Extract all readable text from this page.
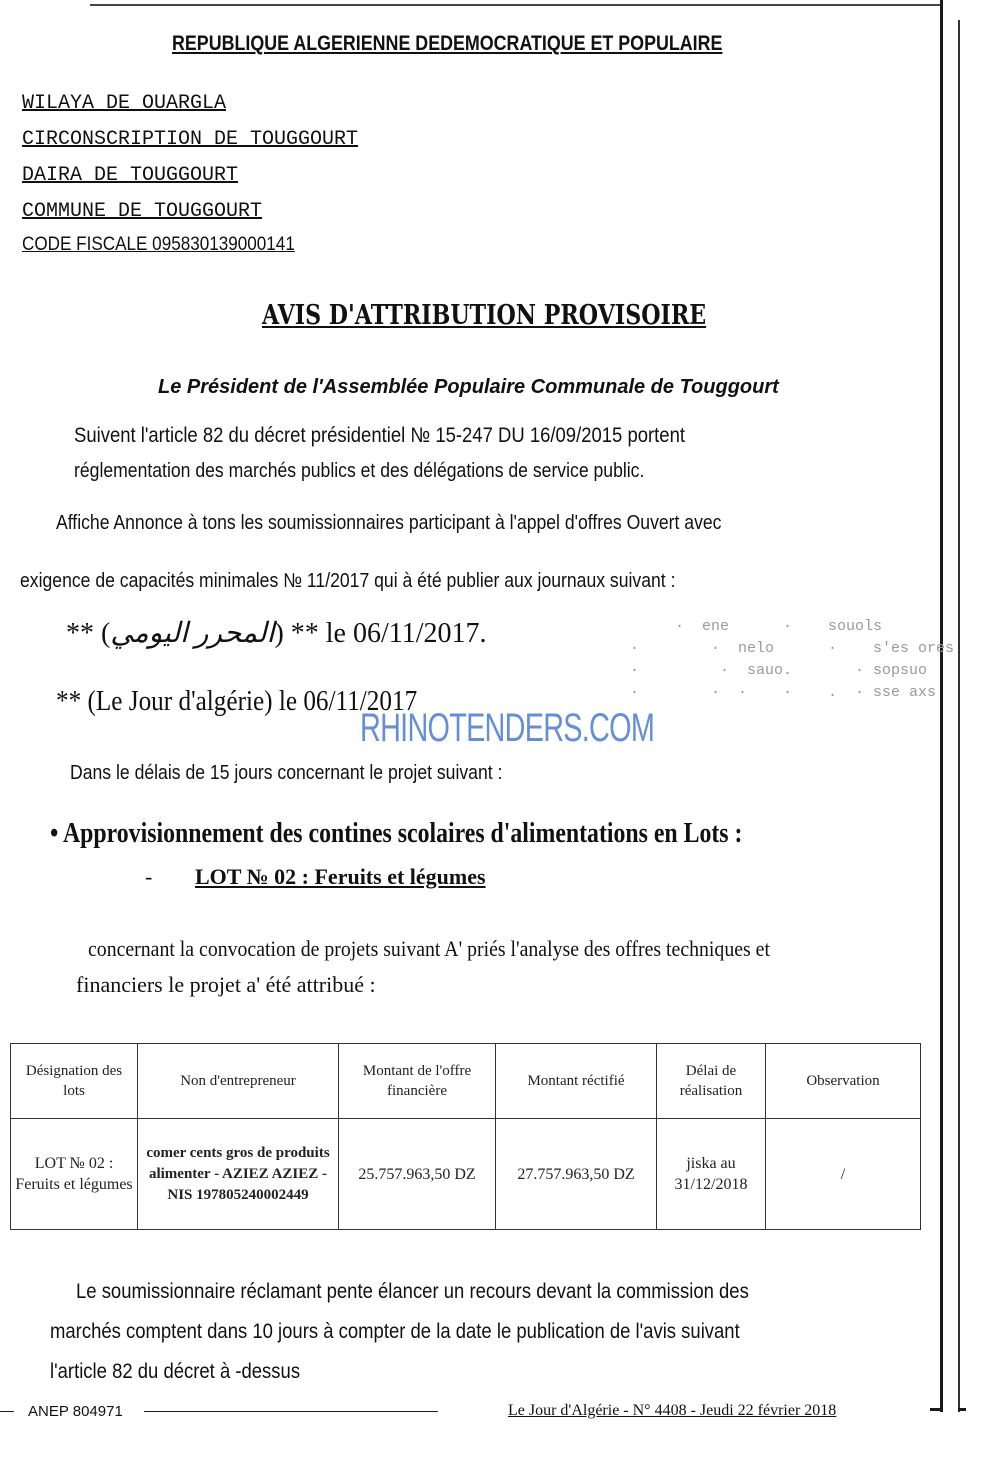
REPUBLIQUE ALGERIENNE DEDEMOCRATIQUE ET POPULAIRE
WILAYA DE OUARGLA
CIRCONSCRIPTION DE TOUGGOURT
DAIRA DE TOUGGOURT
COMMUNE DE TOUGGOURT
CODE FISCALE 095830139000141
AVIS D'ATTRIBUTION PROVISOIRE
Le Président de l'Assemblée Populaire Communale de Touggourt
Suivent l'article 82 du décret présidentiel № 15-247 DU 16/09/2015 portent
réglementation des marchés publics et des délégations de service public.
Affiche Annonce à tons les soumissionnaires participant à l'appel d'offres Ouvert avec
exigence de capacités minimales № 11/2017 qui à été publier aux journaux suivant :
** (المحرر اليومي) ** le 06/11/2017.
** (Le Jour d'algérie) le 06/11/2017
·  ene      ·    souols
·        ·  nelo      ·    s'es ores
·         ·  sauo.       · sopsuo
·        ·  ·    ·    .  · sse axs
RHINOTENDERS.COM
Dans le délais de 15 jours concernant le projet suivant :
• Approvisionnement des contines scolaires d'alimentations en Lots :
- LOT № 02 : Feruits et légumes
concernant la convocation de projets suivant A' priés l'analyse des offres techniques et
financiers le projet a' été attribué :
Désignation des lots	Non d'entrepreneur	Montant de l'offre financière	Montant réctifié	Délai de réalisation	Observation
LOT № 02 : Feruits et légumes	comer cents gros de produits alimenter - AZIEZ AZIEZ - NIS 197805240002449	25.757.963,50 DZ	27.757.963,50 DZ	jiska au 31/12/2018	/
Le soumissionnaire réclamant pente élancer un recours devant la commission des
marchés comptent dans 10 jours à compter de la date le publication de l'avis suivant
l'article 82 du décret à -dessus
ANEP 804971	Le Jour d'Algérie - N° 4408 - Jeudi 22 février 2018
